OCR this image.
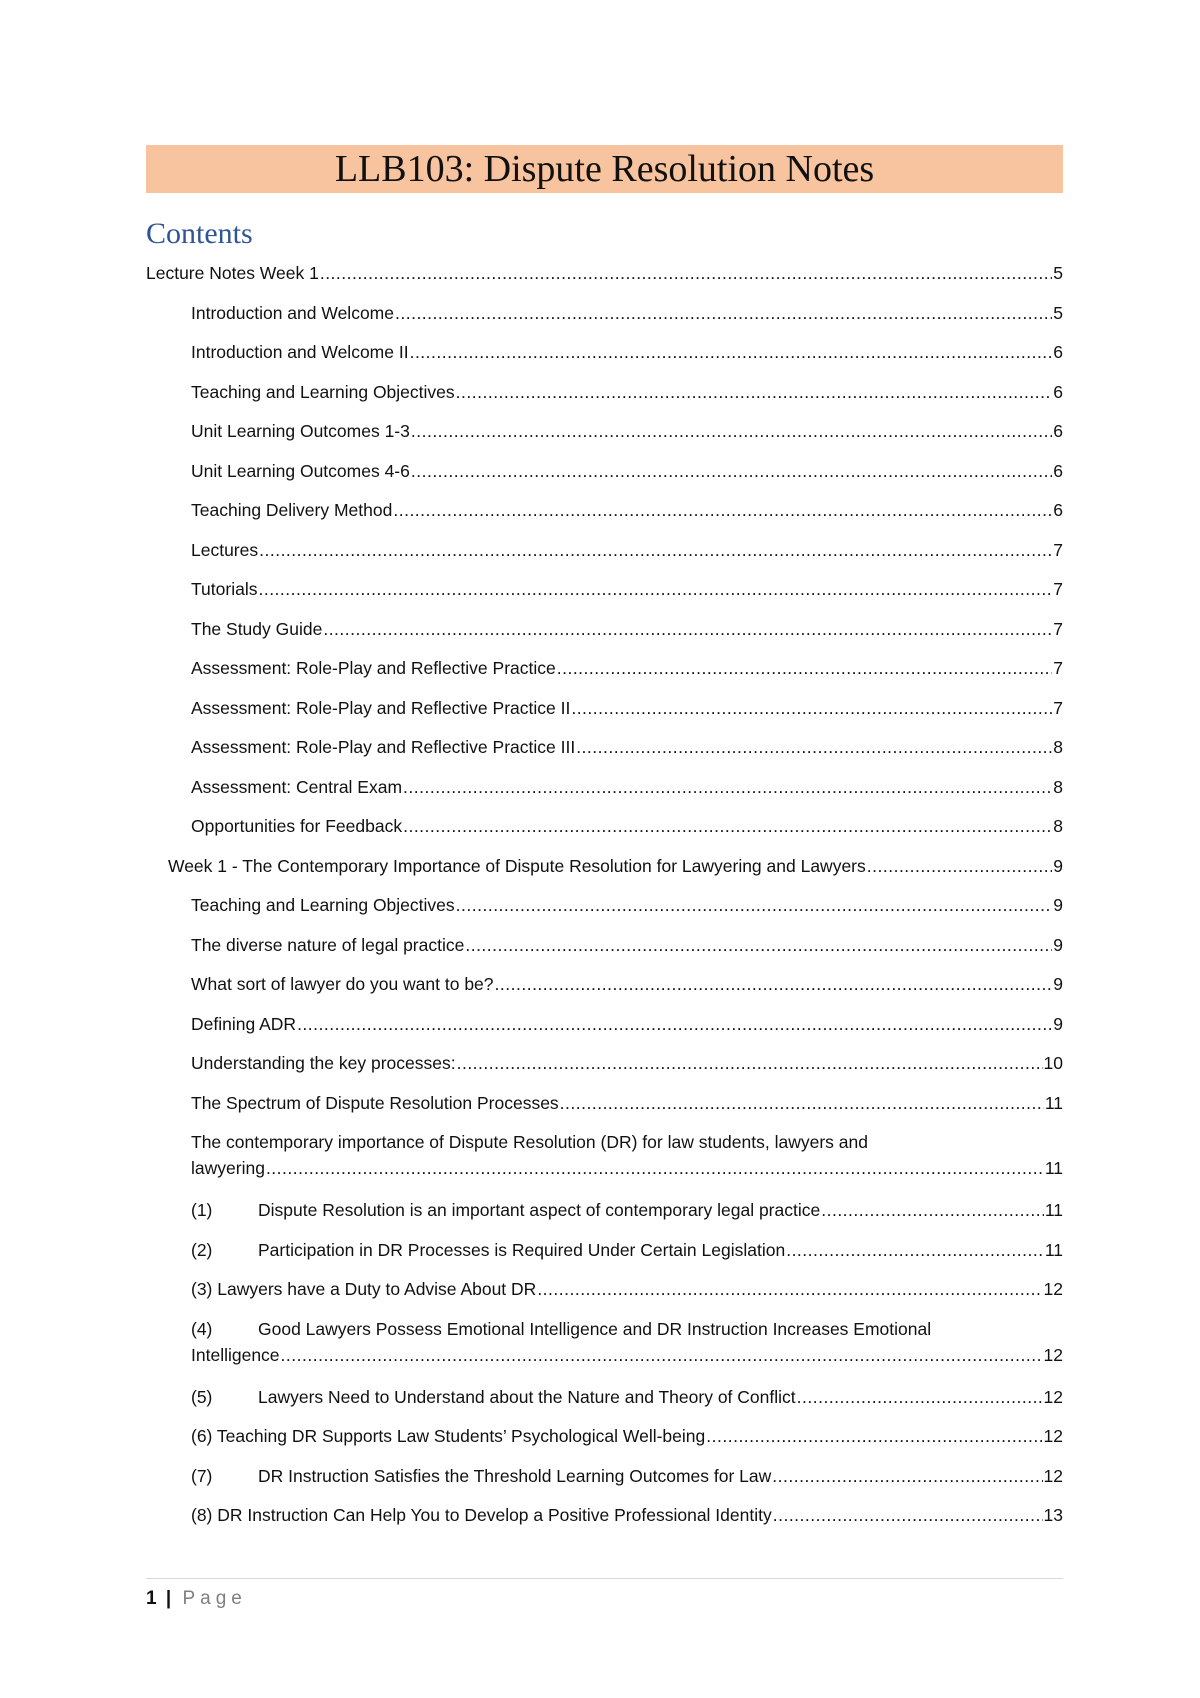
LLB103: Dispute Resolution Notes
Contents
Lecture Notes Week 1 .....	5
Introduction and Welcome .....	5
Introduction and Welcome II .....	6
Teaching and Learning Objectives .....	6
Unit Learning Outcomes 1-3 .....	6
Unit Learning Outcomes 4-6 .....	6
Teaching Delivery Method .....	6
Lectures .....	7
Tutorials .....	7
The Study Guide .....	7
Assessment: Role-Play and Reflective Practice .....	7
Assessment: Role-Play and Reflective Practice II .....	7
Assessment: Role-Play and Reflective Practice III .....	8
Assessment: Central Exam .....	8
Opportunities for Feedback .....	8
Week 1 - The Contemporary Importance of Dispute Resolution for Lawyering and Lawyers .....	9
Teaching and Learning Objectives .....	9
The diverse nature of legal practice .....	9
What sort of lawyer do you want to be? .....	9
Defining ADR .....	9
Understanding the key processes: .....	10
The Spectrum of Dispute Resolution Processes .....	11
The contemporary importance of Dispute Resolution (DR) for law students, lawyers and
lawyering .....	11
(1)	Dispute Resolution is an important aspect of contemporary legal practice .....	11
(2)	Participation in DR Processes is Required Under Certain Legislation .....	11
(3) Lawyers have a Duty to Advise About DR .....	12
(4)	Good Lawyers Possess Emotional Intelligence and DR Instruction Increases Emotional
Intelligence .....	12
(5)	Lawyers Need to Understand about the Nature and Theory of Conflict .....	12
(6) Teaching DR Supports Law Students’ Psychological Well-being .....	12
(7)	DR Instruction Satisfies the Threshold Learning Outcomes for Law .....	12
(8) DR Instruction Can Help You to Develop a Positive Professional Identity .....	13
1 | Page
